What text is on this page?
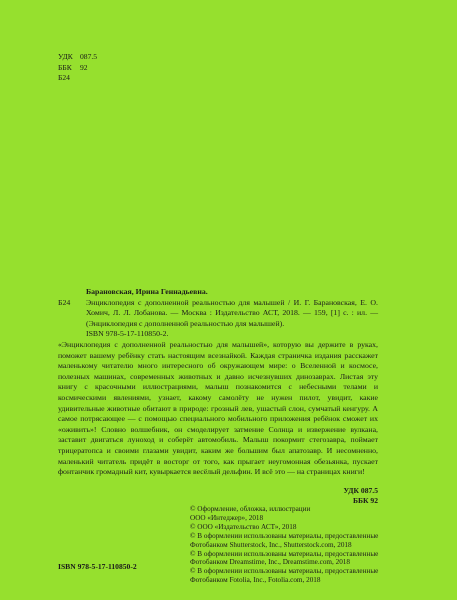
УДК 087.5
ББК	92
Б24
Барановская, Ирина Геннадьевна.
Б24	Энциклопедия с дополненной реальностью для малышей / И. Г. Барановская, Е. О. Хомич, Л. Л. Лобанова. — Москва : Издательство АСТ, 2018. — 159, [1] с. : ил. — (Энциклопедия с дополненной реальностью для малышей).
ISBN 978-5-17-110850-2.
«Энциклопедия с дополненной реальностью для малышей», которую вы держите в руках, поможет вашему ребёнку стать настоящим всезнайкой. Каждая страничка издания расскажет маленькому читателю много интересного об окружающем мире: о Вселенной и космосе, полезных машинах, современных животных и давно исчезнувших динозаврах. Листая эту книгу с красочными иллюстрациями, малыш познакомится с небесными телами и космическими явлениями, узнает, какому самолёту не нужен пилот, увидит, какие удивительные животные обитают в природе: грозный лев, ушастый слон, сумчатый кенгуру. А самое потрясающее — с помощью специального мобильного приложения ребёнок сможет их «оживить»! Словно волшебник, он смоделирует затмение Солнца и извержение вулкана, заставит двигаться луноход и соберёт автомобиль. Малыш покормит стегозавра, поймает трицератопса и своими глазами увидит, каким же большим был апатозавр. И несомненно, маленький читатель придёт в восторг от того, как прыгает неугомонная обезьянка, пускает фонтанчик громадный кит, кувыркается весёлый дельфин. И всё это — на страницах книги!
УДК 087.5
ББК 92
© Оформление, обложка, иллюстрации
ООО «Интеджер», 2018
© ООО «Издательство АСТ», 2018
© В оформлении использованы материалы, предоставленные
Фотобанком Shutterstock, Inc., Shutterstock.com, 2018
© В оформлении использованы материалы, предоставленные
Фотобанком Dreamstime, Inc., Dreamstime.com, 2018
© В оформлении использованы материалы, предоставленные
Фотобанком Fotolia, Inc., Fotolia.com, 2018
ISBN 978-5-17-110850-2
